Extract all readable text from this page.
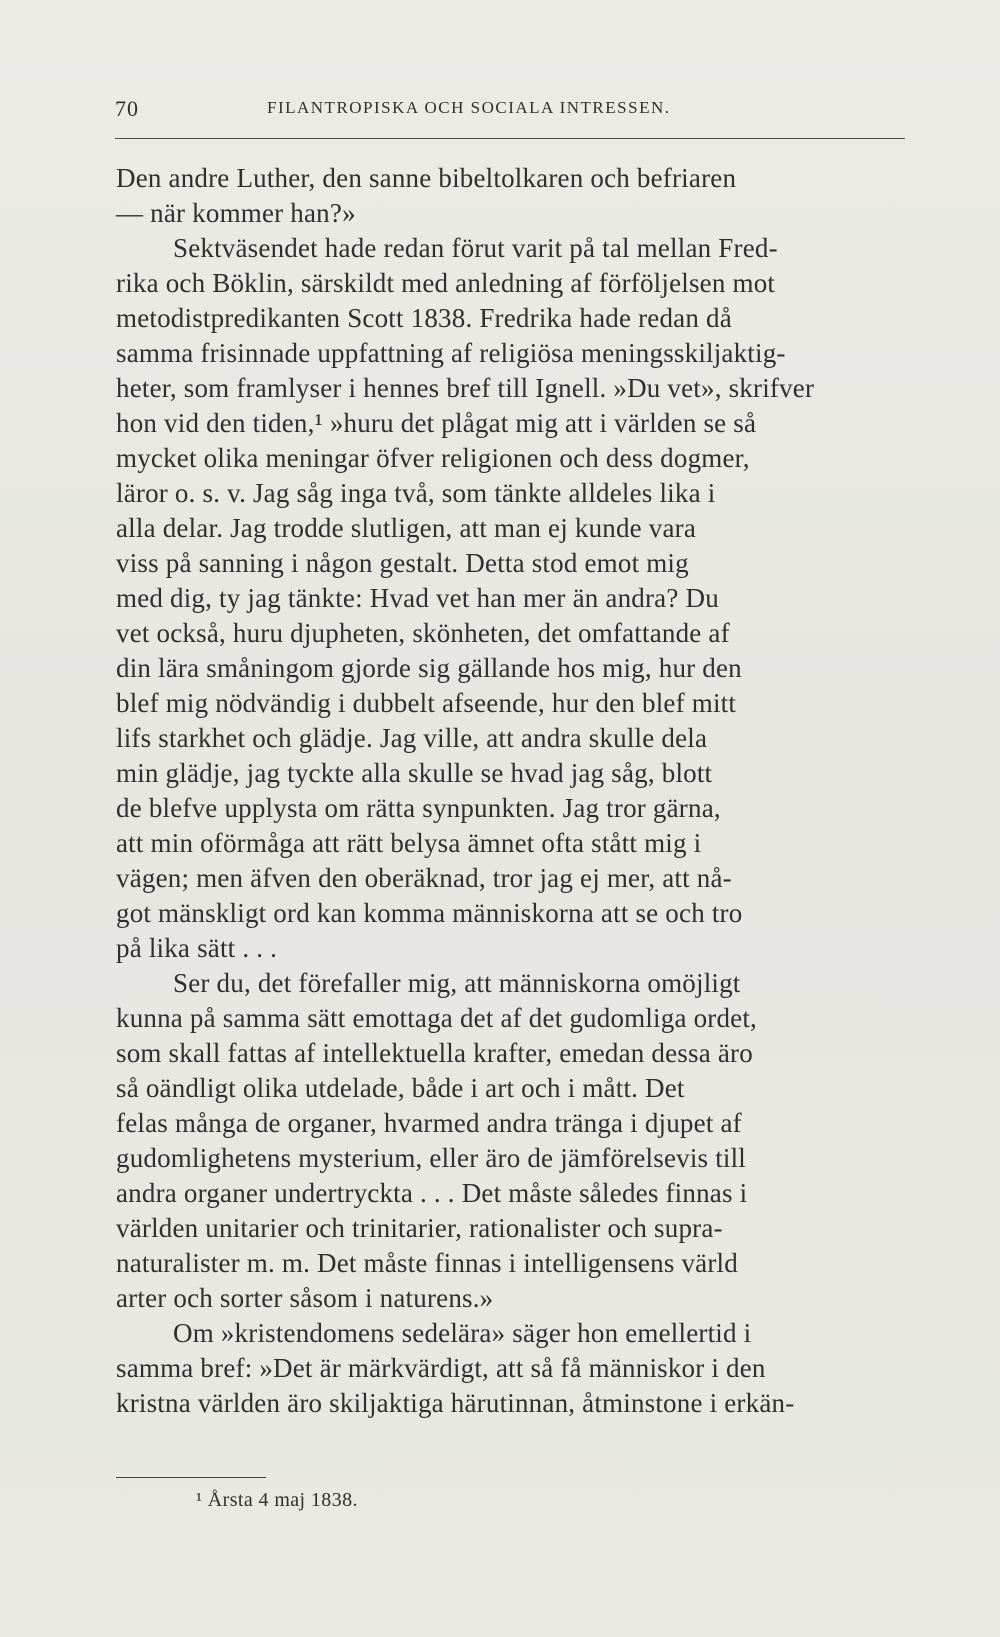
70	FILANTROPISKA OCH SOCIALA INTRESSEN.
Den andre Luther, den sanne bibeltolkaren och befriaren
— när kommer han?»
Sektväsendet hade redan förut varit på tal mellan Fred-
rika och Böklin, särskildt med anledning af förföljelsen mot
metodistpredikanten Scott 1838. Fredrika hade redan då
samma frisinnade uppfattning af religiösa meningsskiljaktig-
heter, som framlyser i hennes bref till Ignell. »Du vet», skrifver
hon vid den tiden,¹ »huru det plågat mig att i världen se så
mycket olika meningar öfver religionen och dess dogmer,
läror o. s. v. Jag såg inga två, som tänkte alldeles lika i
alla delar. Jag trodde slutligen, att man ej kunde vara
viss på sanning i någon gestalt. Detta stod emot mig
med dig, ty jag tänkte: Hvad vet han mer än andra? Du
vet också, huru djupheten, skönheten, det omfattande af
din lära småningom gjorde sig gällande hos mig, hur den
blef mig nödvändig i dubbelt afseende, hur den blef mitt
lifs starkhet och glädje. Jag ville, att andra skulle dela
min glädje, jag tyckte alla skulle se hvad jag såg, blott
de blefve upplysta om rätta synpunkten. Jag tror gärna,
att min oförmåga att rätt belysa ämnet ofta stått mig i
vägen; men äfven den oberäknad, tror jag ej mer, att nå-
got mänskligt ord kan komma människorna att se och tro
på lika sätt . . .
Ser du, det förefaller mig, att människorna omöjligt
kunna på samma sätt emottaga det af det gudomliga ordet,
som skall fattas af intellektuella krafter, emedan dessa äro
så oändligt olika utdelade, både i art och i mått. Det
felas många de organer, hvarmed andra tränga i djupet af
gudomlighetens mysterium, eller äro de jämförelsevis till
andra organer undertryckta . . . Det måste således finnas i
världen unitarier och trinitarier, rationalister och supra-
naturalister m. m. Det måste finnas i intelligensens värld
arter och sorter såsom i naturens.»
Om »kristendomens sedelära» säger hon emellertid i
samma bref: »Det är märkvärdigt, att så få människor i den
kristna världen äro skiljaktiga härutinnan, åtminstone i erkän-
¹ Årsta 4 maj 1838.
